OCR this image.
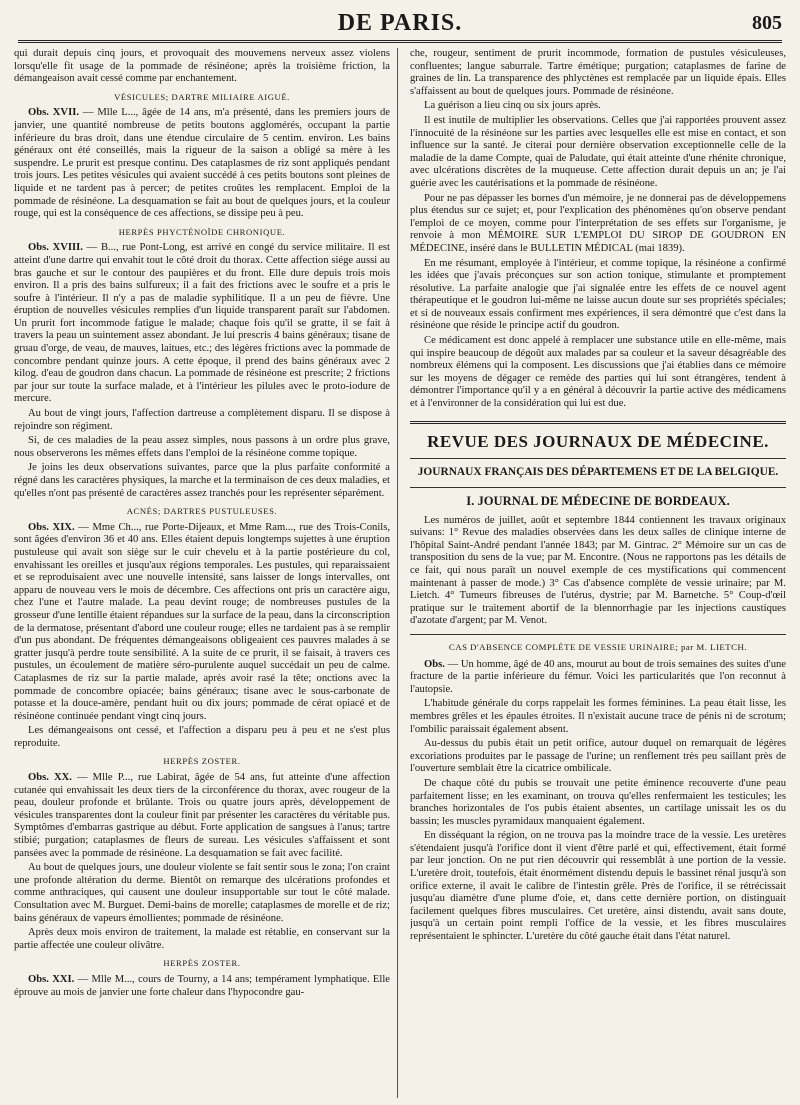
DE PARIS.	805

qui durait depuis cinq jours, et provoquait des mouvemens nerveux assez violens lorsqu'elle fit usage de la pommade de résinéone; après la troisième friction, la démangeaison avait cessé comme par enchantement.

VÉSICULES; DARTRE MILIAIRE AIGUË.

Obs. XVII. — Mlle L..., âgée de 14 ans, m'a présenté, dans les premiers jours de janvier, une quantité nombreuse de petits boutons agglomérés, occupant la partie inférieure du bras droit, dans une étendue circulaire de 5 centim. environ. Les bains généraux ont été conseillés, mais la rigueur de la saison a obligé sa mère à les suspendre. Le prurit est presque continu. Des cataplasmes de riz sont appliqués pendant trois jours. Les petites vésicules qui avaient succédé à ces petits boutons sont pleines de liquide et ne tardent pas à percer; de petites croûtes les remplacent. Emploi de la pommade de résinéone. La desquamation se fait au bout de quelques jours, et la couleur rouge, qui est la conséquence de ces affections, se dissipe peu à peu.

HERPÈS PHYCTÉNOÏDE CHRONIQUE.

Obs. XVIII. — B..., rue Pont-Long, est arrivé en congé du service militaire. Il est atteint d'une dartre qui envahit tout le côté droit du thorax. Cette affection siége aussi au bras gauche et sur le contour des paupières et du front. Elle dure depuis trois mois environ. Il a pris des bains sulfureux; il a fait des frictions avec le soufre et a pris le soufre à l'intérieur. Il n'y a pas de maladie syphilitique. Il a un peu de fièvre. Une éruption de nouvelles vésicules remplies d'un liquide transparent paraît sur l'abdomen. Un prurit fort incommode fatigue le malade; chaque fois qu'il se gratte, il se fait à travers la peau un suintement assez abondant. Je lui prescris 4 bains généraux; tisane de gruau d'orge, de veau, de mauves, laitues, etc.; des légères frictions avec la pommade de concombre pendant quinze jours. A cette époque, il prend des bains généraux avec 2 kilog. d'eau de goudron dans chacun. La pommade de résinéone est prescrite; 2 frictions par jour sur toute la surface malade, et à l'intérieur les pilules avec le proto-iodure de mercure.

Au bout de vingt jours, l'affection dartreuse a complètement disparu. Il se dispose à rejoindre son régiment.

Si, de ces maladies de la peau assez simples, nous passons à un ordre plus grave, nous observerons les mêmes effets dans l'emploi de la résinéone comme topique.

Je joins les deux observations suivantes, parce que la plus parfaite conformité a régné dans les caractères physiques, la marche et la terminaison de ces deux maladies, et qu'elles n'ont pas présenté de caractères assez tranchés pour les représenter séparément.

ACNÉS; DARTRES PUSTULEUSES.

Obs. XIX. — Mme Ch..., rue Porte-Dijeaux, et Mme Ram..., rue des Trois-Conils, sont âgées d'environ 36 et 40 ans. Elles étaient depuis longtemps sujettes à une éruption pustuleuse qui avait son siège sur le cuir chevelu et à la partie postérieure du col, envahissant les oreilles et jusqu'aux régions temporales. Les pustules, qui reparaissaient et se reproduisaient avec une nouvelle intensité, sans laisser de longs intervalles, ont apparu de nouveau vers le mois de décembre. Ces affections ont pris un caractère aigu, chez l'une et l'autre malade. La peau devint rouge; de nombreuses pustules de la grosseur d'une lentille étaient répandues sur la surface de la peau, dans la circonscription de la dermatose, présentant d'abord une couleur rouge; elles ne tardaient pas à se remplir d'un pus abondant. De fréquentes démangeaisons obligeaient ces pauvres malades à se gratter jusqu'à perdre toute sensibilité. A la suite de ce prurit, il se faisait, à travers ces pustules, un écoulement de matière séro-purulente auquel succédait un peu de calme. Cataplasmes de riz sur la partie malade, après avoir rasé la tête; onctions avec la pommade de concombre opiacée; bains généraux; tisane avec le sous-carbonate de potasse et la douce-amère, pendant huit ou dix jours; pommade de cérat opiacé et de résinéone continuée pendant vingt cinq jours.

Les démangeaisons ont cessé, et l'affection a disparu peu à peu et ne s'est plus reproduite.

HERPÈS ZOSTER.

Obs. XX. — Mlle P..., rue Labirat, âgée de 54 ans, fut atteinte d'une affection cutanée qui envahissait les deux tiers de la circonférence du thorax, avec rougeur de la peau, douleur profonde et brûlante. Trois ou quatre jours après, développement de vésicules transparentes dont la couleur finit par présenter les caractères du véritable pus. Symptômes d'embarras gastrique au début. Forte application de sangsues à l'anus; tartre stibié; purgation; cataplasmes de fleurs de sureau. Les vésicules s'affaissent et sont pansées avec la pommade de résinéone. La desquamation se fait avec facilité.

Au bout de quelques jours, une douleur violente se fait sentir sous le zona; l'on craint une profonde altération du derme. Bientôt on remarque des ulcérations profondes et comme anthraciques, qui causent une douleur insupportable sur tout le côté malade. Consultation avec M. Burguet. Demi-bains de morelle; cataplasmes de morelle et de riz; bains généraux de vapeurs émollientes; pommade de résinéone.

Après deux mois environ de traitement, la malade est rétablie, en conservant sur la partie affectée une couleur olivâtre.

HERPÈS ZOSTER.

Obs. XXI. — Mlle M..., cours de Tourny, a 14 ans; tempérament lymphatique. Elle éprouve au mois de janvier une forte chaleur dans l'hypocondre gau-

che, rougeur, sentiment de prurit incommode, formation de pustules vésiculeuses, confluentes; langue saburrale. Tartre émétique; purgation; cataplasmes de farine de graines de lin. La transparence des phlyctènes est remplacée par un liquide épais. Elles s'affaissent au bout de quelques jours. Pommade de résinéone.

La guérison a lieu cinq ou six jours après.

Il est inutile de multiplier les observations. Celles que j'ai rapportées prouvent assez l'innocuité de la résinéone sur les parties avec lesquelles elle est mise en contact, et son influence sur la santé. Je citerai pour dernière observation exceptionnelle celle de la maladie de la dame Compte, quai de Paludate, qui était atteinte d'une rhénite chronique, avec ulcérations discrètes de la muqueuse. Cette affection durait depuis un an; je l'ai guérie avec les cautérisations et la pommade de résinéone.

Pour ne pas dépasser les bornes d'un mémoire, je ne donnerai pas de développemens plus étendus sur ce sujet; et, pour l'explication des phénomènes qu'on observe pendant l'emploi de ce moyen, comme pour l'interprétation de ses effets sur l'organisme, je renvoie à mon MÉMOIRE SUR L'EMPLOI DU SIROP DE GOUDRON EN MÉDECINE, inséré dans le BULLETIN MÉDICAL (mai 1839).

En me résumant, employée à l'intérieur, et comme topique, la résinéone a confirmé les idées que j'avais préconçues sur son action tonique, stimulante et promptement résolutive. La parfaite analogie que j'ai signalée entre les effets de ce nouvel agent thérapeutique et le goudron lui-même ne laisse aucun doute sur ses propriétés spéciales; et si de nouveaux essais confirment mes expériences, il sera démontré que c'est dans la résinéone que réside le principe actif du goudron.

Ce médicament est donc appelé à remplacer une substance utile en elle-même, mais qui inspire beaucoup de dégoût aux malades par sa couleur et la saveur désagréable des nombreux élémens qui la composent. Les discussions que j'ai établies dans ce mémoire sur les moyens de dégager ce remède des parties qui lui sont étrangères, tendent à démontrer l'importance qu'il y a en général à découvrir la partie active des médicamens et à l'environner de la considération qui lui est due.

REVUE DES JOURNAUX DE MÉDECINE.
JOURNAUX FRANÇAIS DES DÉPARTEMENS ET DE LA BELGIQUE.
I. JOURNAL DE MÉDECINE DE BORDEAUX.

Les numéros de juillet, août et septembre 1844 contiennent les travaux originaux suivans: 1° Revue des maladies observées dans les deux salles de clinique interne de l'hôpital Saint-André pendant l'année 1843; par M. Gintrac. 2° Mémoire sur un cas de transposition du sens de la vue; par M. Encontre. (Nous ne rapportons pas les détails de ce fait, qui nous paraît un nouvel exemple de ces mystifications qui commencent maintenant à passer de mode.) 3° Cas d'absence complète de vessie urinaire; par M. Lietch. 4° Tumeurs fibreuses de l'utérus, dystrie; par M. Barnetche. 5° Coup-d'œil pratique sur le traitement abortif de la blennorrhagie par les injections caustiques d'azotate d'argent; par M. Venot.

CAS D'ABSENCE COMPLÈTE DE VESSIE URINAIRE; par M. LIETCH.

Obs. — Un homme, âgé de 40 ans, mourut au bout de trois semaines des suites d'une fracture de la partie inférieure du fémur. Voici les particularités que l'on reconnut à l'autopsie.

L'habitude générale du corps rappelait les formes féminines. La peau était lisse, les membres grêles et les épaules étroites. Il n'existait aucune trace de pénis ni de scrotum; l'ombilic paraissait également absent.

Au-dessus du pubis était un petit orifice, autour duquel on remarquait de légères excoriations produites par le passage de l'urine; un renflement très peu saillant près de l'ouverture semblait être la cicatrice ombilicale.

De chaque côté du pubis se trouvait une petite éminence recouverte d'une peau parfaitement lisse; en les examinant, on trouva qu'elles renfermaient les testicules; les branches horizontales de l'os pubis étaient absentes, un cartilage unissait les os du bassin; les muscles pyramidaux manquaient également.

En disséquant la région, on ne trouva pas la moindre trace de la vessie. Les uretères s'étendaient jusqu'à l'orifice dont il vient d'être parlé et qui, effectivement, était formé par leur jonction. On ne put rien découvrir qui ressemblât à une portion de la vessie. L'uretère droit, toutefois, était énormément distendu depuis le bassinet rénal jusqu'à son orifice externe, il avait le calibre de l'intestin grêle. Près de l'orifice, il se rétrécissait jusqu'au diamètre d'une plume d'oie, et, dans cette dernière portion, on distinguait facilement quelques fibres musculaires. Cet uretère, ainsi distendu, avait sans doute, jusqu'à un certain point rempli l'office de la vessie, et les fibres musculaires représentaient le sphincter. L'uretère du côté gauche était dans l'état naturel.
